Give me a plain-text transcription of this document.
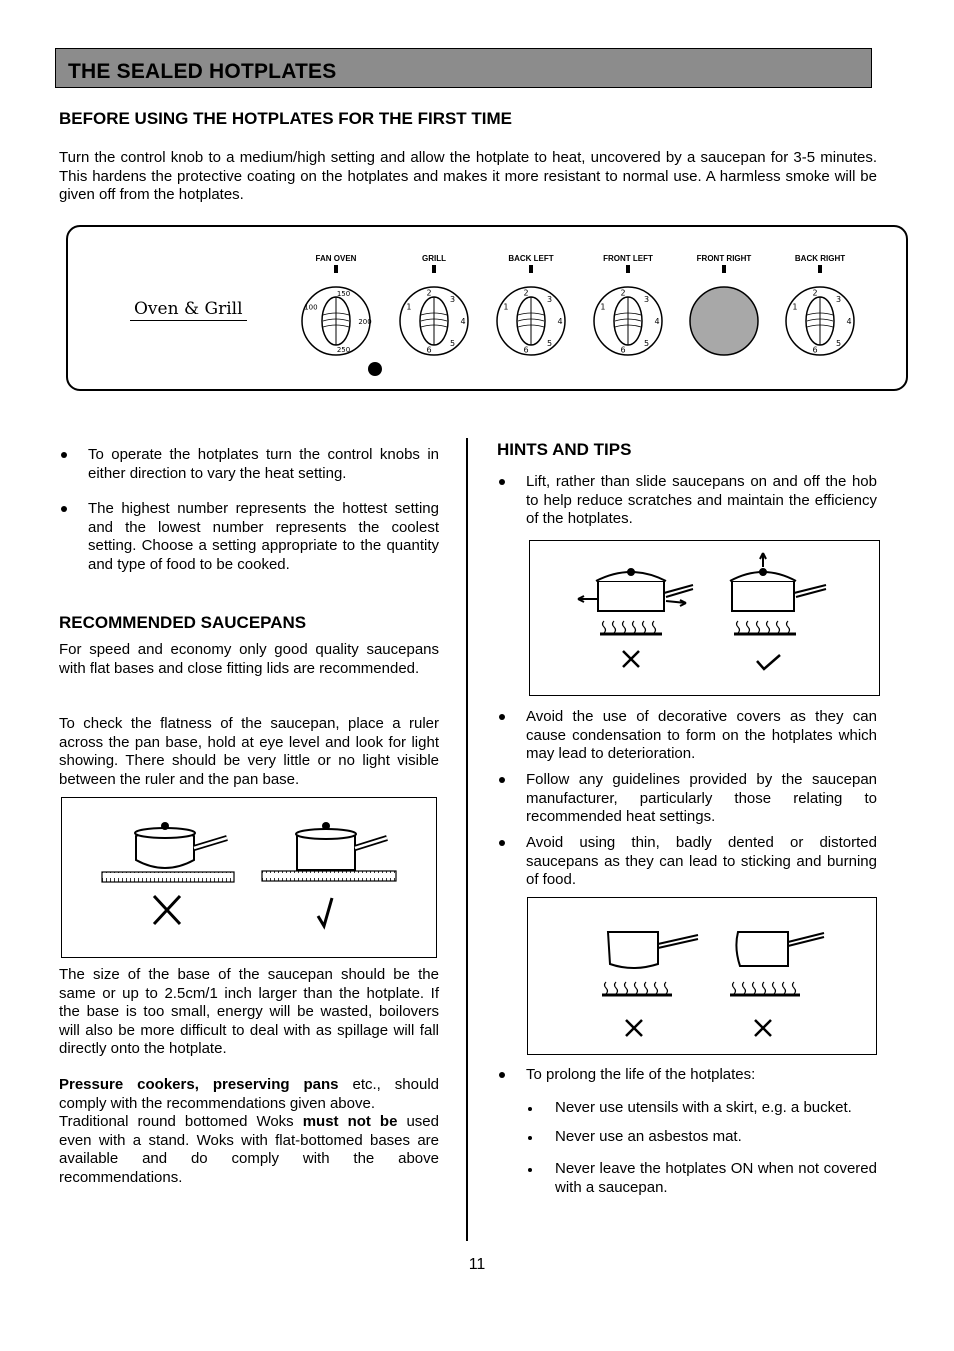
THE SEALED HOTPLATES
BEFORE USING THE HOTPLATES FOR THE FIRST TIME

Turn the control knob to a medium/high setting and allow the hotplate to heat, uncovered by a saucepan for 3-5 minutes. This hardens the protective coating on the hotplates and makes it more resistant to normal use. A harmless smoke will be given off from the hotplates.

Oven & Grill
FAN OVEN
100
150
200
250
GRILL
1
2
3
4
5
6
BACK LEFT
1
2
3
4
5
6
FRONT LEFT
1
2
3
4
5
6
FRONT RIGHT	BACK RIGHT
1
2
3
4
5
6
To operate the hotplates turn the control knobs in either direction to vary the heat setting.
The highest number represents the hottest setting and the lowest number represents the coolest setting. Choose a setting appropriate to the quantity and type of food to be cooked.
RECOMMENDED SAUCEPANS

For speed and economy only good quality saucepans with flat bases and close fitting lids are recommended.

To check the flatness of the saucepan, place a ruler across the pan base, hold at eye level and look for light showing. There should be very little or no light visible between the ruler and the pan base.

The size of the base of the saucepan should be the same or up to 2.5cm/1 inch larger than the hotplate. If the base is too small, energy will be wasted, boilovers will also be more difficult to deal with as spillage will fall directly onto the hotplate.

Pressure cookers, preserving pans etc., should comply with the recommendations given above.

Traditional round bottomed Woks must not be used even with a stand. Woks with flat-bottomed bases are available and do comply with the above recommendations.

HINTS AND TIPS
Lift, rather than slide saucepans on and off the hob to help reduce scratches and maintain the efficiency of the hotplates.
Avoid the use of decorative covers as they can cause condensation to form on the hotplates which may lead to deterioration.
Follow any guidelines provided by the saucepan manufacturer, particularly those relating to recommended heat settings.
Avoid using thin, badly dented or distorted saucepans as they can lead to sticking and burning of food.
To prolong the life of the hotplates:
Never use utensils with a skirt, e.g. a bucket.
Never use an asbestos mat.
Never leave the hotplates ON when not covered with a saucepan.
11
